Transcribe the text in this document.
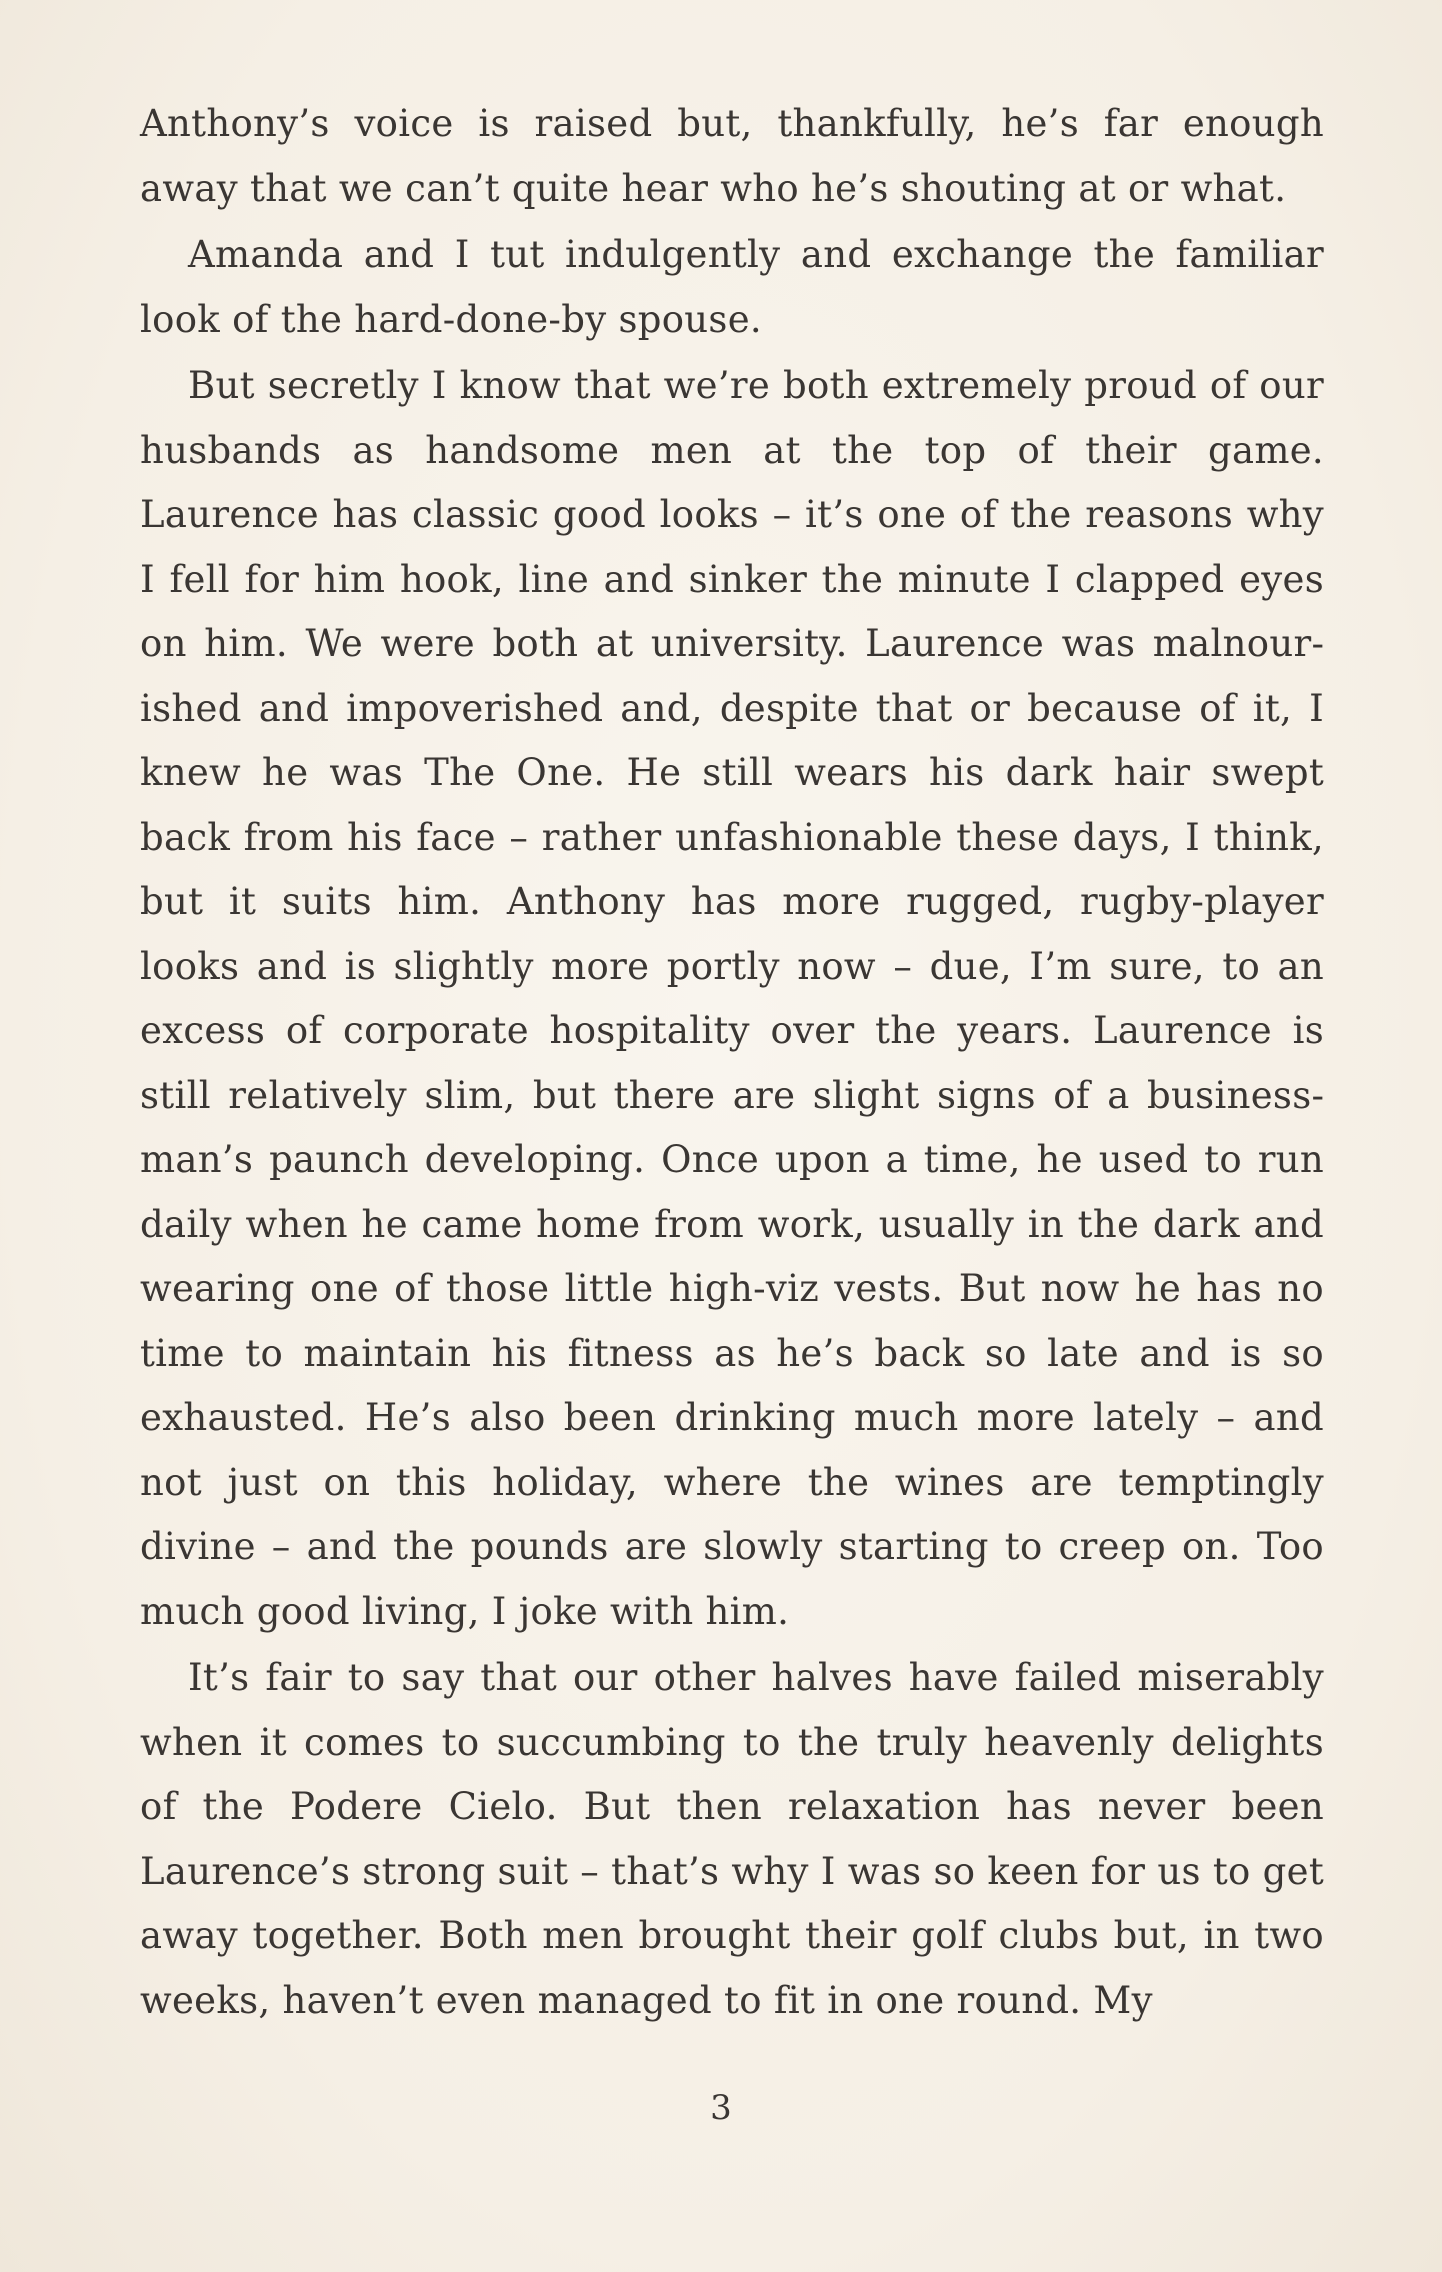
Anthony’s voice is raised but, thankfully, he’s far enough away that we can’t quite hear who he’s shouting at or what.

Amanda and I tut indulgently and exchange the familiar look of the hard-done-by spouse.

But secretly I know that we’re both extremely proud of our husbands as handsome men at the top of their game. Laurence has classic good looks – it’s one of the reasons why I fell for him hook, line and sinker the minute I clapped eyes on him. We were both at university. Laurence was malnourished and impoverished and, despite that or because of it, I knew he was The One. He still wears his dark hair swept back from his face – rather unfashionable these days, I think, but it suits him. Anthony has more rugged, rugby-player looks and is slightly more portly now – due, I’m sure, to an excess of corporate hospitality over the years. Laurence is still relatively slim, but there are slight signs of a businessman’s paunch developing. Once upon a time, he used to run daily when he came home from work, usually in the dark and wearing one of those little high-viz vests. But now he has no time to maintain his fitness as he’s back so late and is so exhausted. He’s also been drinking much more lately – and not just on this holiday, where the wines are temptingly divine – and the pounds are slowly starting to creep on. Too much good living, I joke with him.

It’s fair to say that our other halves have failed miserably when it comes to succumbing to the truly heavenly delights of the Podere Cielo. But then relaxation has never been Laurence’s strong suit – that’s why I was so keen for us to get away together. Both men brought their golf clubs but, in two weeks, haven’t even managed to fit in one round. My

3
